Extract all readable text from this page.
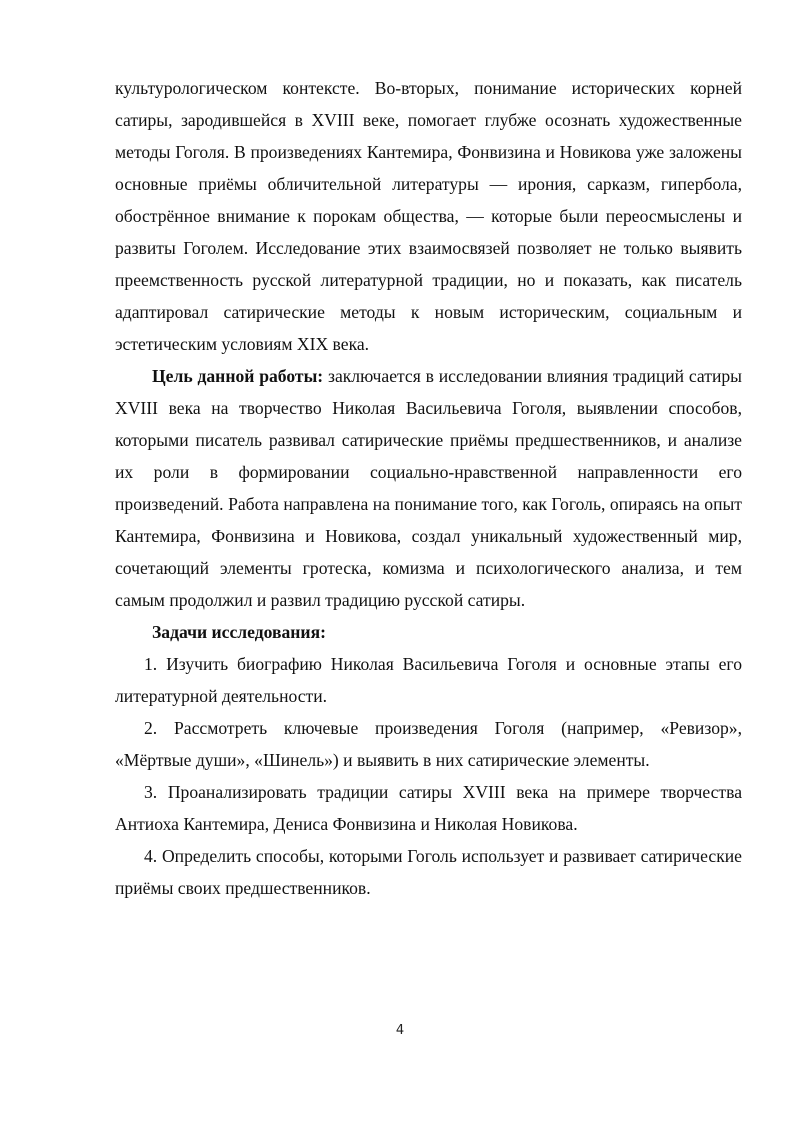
культурологическом контексте. Во-вторых, понимание исторических корней сатиры, зародившейся в XVIII веке, помогает глубже осознать художественные методы Гоголя. В произведениях Кантемира, Фонвизина и Новикова уже заложены основные приёмы обличительной литературы — ирония, сарказм, гипербола, обострённое внимание к порокам общества, — которые были переосмыслены и развиты Гоголем. Исследование этих взаимосвязей позволяет не только выявить преемственность русской литературной традиции, но и показать, как писатель адаптировал сатирические методы к новым историческим, социальным и эстетическим условиям XIX века.

Цель данной работы: заключается в исследовании влияния традиций сатиры XVIII века на творчество Николая Васильевича Гоголя, выявлении способов, которыми писатель развивал сатирические приёмы предшественников, и анализе их роли в формировании социально-нравственной направленности его произведений. Работа направлена на понимание того, как Гоголь, опираясь на опыт Кантемира, Фонвизина и Новикова, создал уникальный художественный мир, сочетающий элементы гротеска, комизма и психологического анализа, и тем самым продолжил и развил традицию русской сатиры.

Задачи исследования:

1. Изучить биографию Николая Васильевича Гоголя и основные этапы его литературной деятельности.
2. Рассмотреть ключевые произведения Гоголя (например, «Ревизор», «Мёртвые души», «Шинель») и выявить в них сатирические элементы.
3. Проанализировать традиции сатиры XVIII века на примере творчества Антиоха Кантемира, Дениса Фонвизина и Николая Новикова.
4. Определить способы, которыми Гоголь использует и развивает сатирические приёмы своих предшественников.
4
